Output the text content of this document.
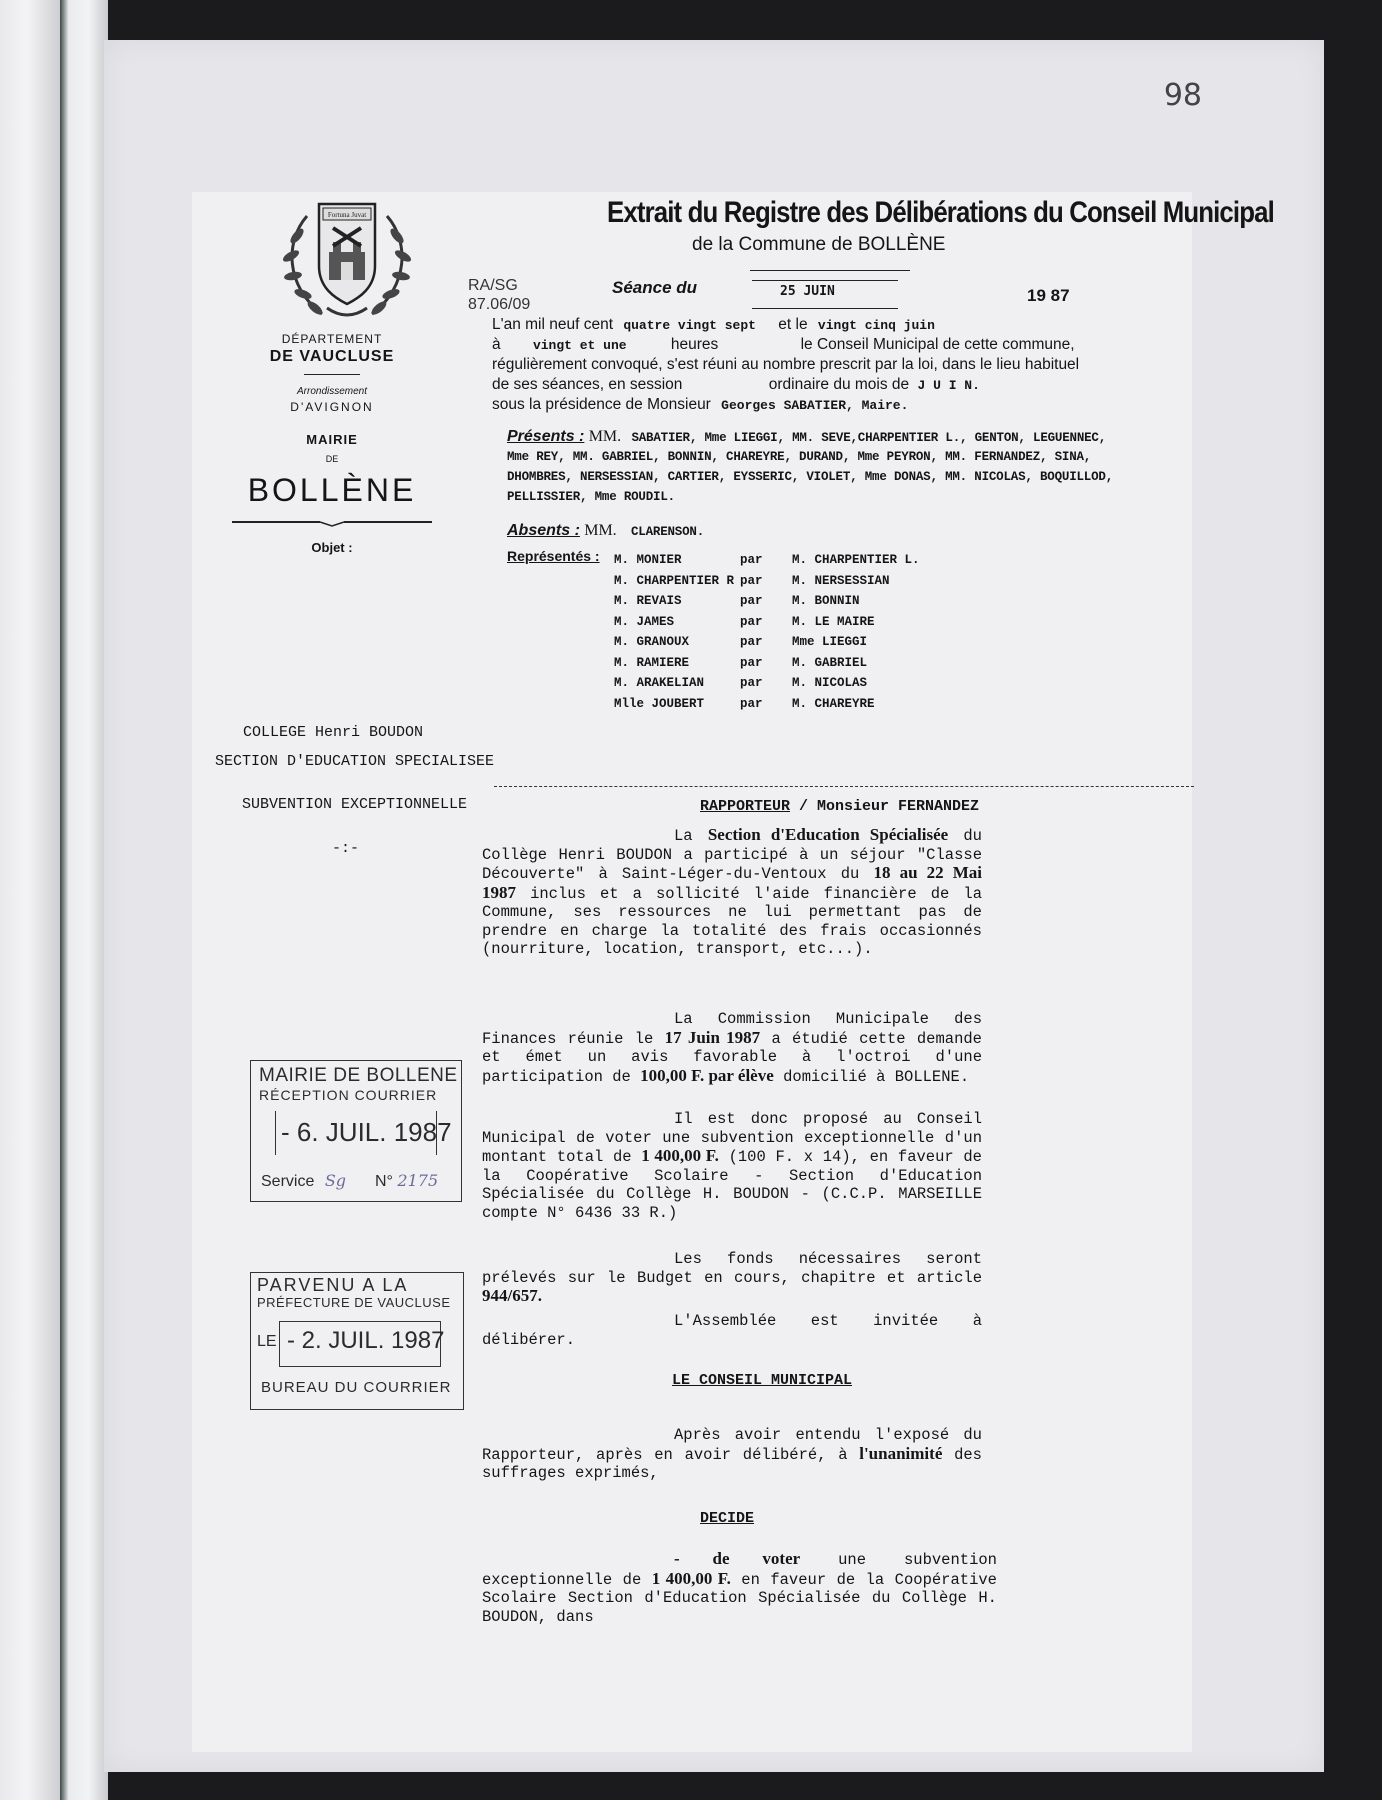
98
Fortuna Juvat
DÉPARTEMENT
DE VAUCLUSE
Arrondissement
D'AVIGNON
MAIRIE
DE
BOLLÈNE
Objet :
COLLEGE Henri BOUDON
SECTION D'EDUCATION SPECIALISEE
SUBVENTION EXCEPTIONNELLE
-:-
Extrait du Registre des Délibérations du Conseil Municipal
de la Commune de BOLLÈNE
RA/SG
87.06/09
Séance du	25 JUIN	19 87
L'an mil neuf cent quatre vingt sept et le vingt cinq juin
à vingt et une	heures	le Conseil Municipal de cette commune,
régulièrement convoqué, s'est réuni au nombre prescrit par la loi, dans le lieu habituel
de ses séances, en session	ordinaire du mois de J U I N.
sous la présidence de Monsieur Georges SABATIER, Maire.
Présents : MM. SABATIER, Mme LIEGGI, MM. SEVE,CHARPENTIER L., GENTON, LEGUENNEC,
Mme REY, MM. GABRIEL, BONNIN, CHAREYRE, DURAND, Mme PEYRON, MM. FERNANDEZ, SINA,
DHOMBRES, NERSESSIAN, CARTIER, EYSSERIC, VIOLET, Mme DONAS, MM. NICOLAS, BOQUILLOD,
PELLISSIER, Mme ROUDIL.
Absents : MM. CLARENSON.
Représentés : M. MONIER	par	M. CHARPENTIER L.
M. CHARPENTIER R par	M. NERSESSIAN
M. REVAIS	par	M. BONNIN
M. JAMES	par	M. LE MAIRE
M. GRANOUX	par	Mme LIEGGI
M. RAMIERE	par	M. GABRIEL
M. ARAKELIAN	par	M. NICOLAS
Mlle JOUBERT	par	M. CHAREYRE
RAPPORTEUR / Monsieur FERNANDEZ
La Section d'Education Spécialisée du Collège Henri BOUDON a participé à un séjour "Classe Découverte" à Saint-Léger-du-Ventoux du 18 au 22 Mai 1987 inclus et a sollicité l'aide financière de la Commune, ses ressources ne lui permettant pas de prendre en charge la totalité des frais occasionnés (nourriture, location, transport, etc...).
La Commission Municipale des Finances réunie le 17 Juin 1987 a étudié cette demande et émet un avis favorable à l'octroi d'une participation de 100,00 F. par élève domicilié à BOLLENE.
Il est donc proposé au Conseil Municipal de voter une subvention exceptionnelle d'un montant total de 1 400,00 F. (100 F. x 14), en faveur de la Coopérative Scolaire - Section d'Education Spécialisée du Collège H. BOUDON - (C.C.P. MARSEILLE compte N° 6436 33 R.)
Les fonds nécessaires seront prélevés sur le Budget en cours, chapitre et article 944/657.
L'Assemblée est invitée à délibérer.
LE CONSEIL MUNICIPAL
Après avoir entendu l'exposé du Rapporteur, après en avoir délibéré, à l'unanimité des suffrages exprimés,
DECIDE
- de voter une subvention exceptionnelle de 1 400,00 F. en faveur de la Coopérative Scolaire Section d'Education Spécialisée du Collège H. BOUDON, dans
MAIRIE DE BOLLENE
RÉCEPTION COURRIER
- 6. JUIL. 1987
Service Sg N° 2175
PARVENU A LA
PRÉFECTURE DE VAUCLUSE
LE - 2. JUIL. 1987
BUREAU DU COURRIER
